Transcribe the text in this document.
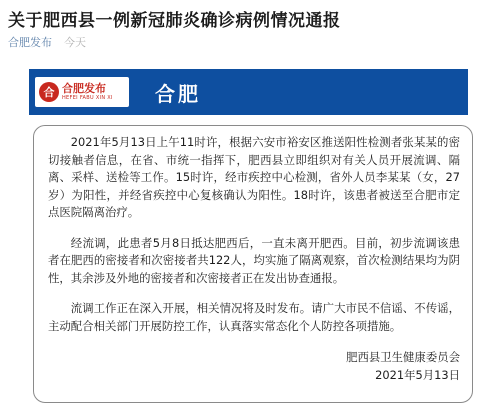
关于肥西县一例新冠肺炎确诊病例情况通报
合肥发布 今天
合 合肥发布
HEFEI FABU XIN XI 合肥

2021年5月13日上午11时许，根据六安市裕安区推送阳性检测者张某某的密切接触者信息，在省、市统一指挥下，肥西县立即组织对有关人员开展流调、隔离、采样、送检等工作。15时许，经市疾控中心检测，省外人员李某某（女，27岁）为阳性，并经省疾控中心复核确认为阳性。18时许，该患者被送至合肥市定点医院隔离治疗。

经流调，此患者5月8日抵达肥西后，一直未离开肥西。目前，初步流调该患者在肥西的密接者和次密接者共122人，均实施了隔离观察，首次检测结果均为阴性，其余涉及外地的密接者和次密接者正在发出协查通报。

流调工作正在深入开展，相关情况将及时发布。请广大市民不信谣、不传谣，主动配合相关部门开展防控工作，认真落实常态化个人防控各项措施。

肥西县卫生健康委员会
2021年5月13日
